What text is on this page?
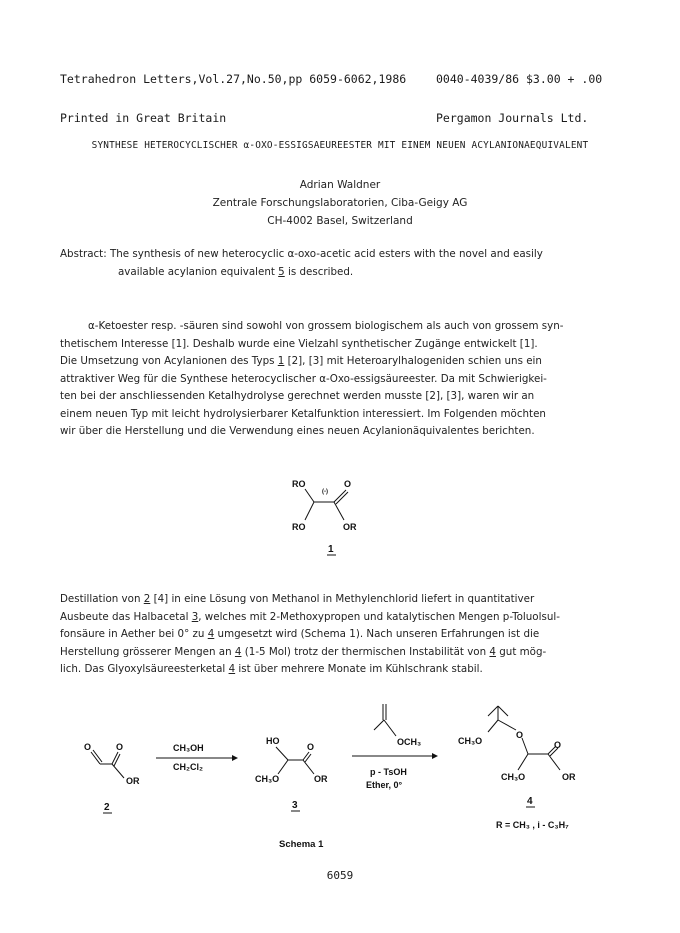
Tetrahedron Letters,Vol.27,No.50,pp 6059-6062,1986

Printed in Great Britain

0040-4039/86 $3.00 + .00

Pergamon Journals Ltd.

SYNTHESE HETEROCYCLISCHER α-OXO-ESSIGSAEUREESTER MIT EINEM NEUEN ACYLANIONAEQUIVALENT
Adrian Waldner
Zentrale Forschungslaboratorien, Ciba-Geigy AG
CH-4002 Basel, Switzerland
Abstract: The synthesis of new heterocyclic α-oxo-acetic acid esters with the novel and easily
available acylanion equivalent 5 is described.
α-Ketoester resp. -säuren sind sowohl von grossem biologischem als auch von grossem syn-
thetischem Interesse [1]. Deshalb wurde eine Vielzahl synthetischer Zugänge entwickelt [1].
Die Umsetzung von Acylanionen des Typs 1 [2], [3] mit Heteroarylhalogeniden schien uns ein
attraktiver Weg für die Synthese heterocyclischer α-Oxo-essigsäureester. Da mit Schwierigkei-
ten bei der anschliessenden Ketalhydrolyse gerechnet werden musste [2], [3], waren wir an
einem neuen Typ mit leicht hydrolysierbarer Ketalfunktion interessiert. Im Folgenden möchten
wir über die Herstellung und die Verwendung eines neuen Acylanionäquivalentes berichten.
RO
(-)
O
RO	OR
1
Destillation von 2 [4] in eine Lösung von Methanol in Methylenchlorid liefert in quantitativer
Ausbeute das Halbacetal 3, welches mit 2-Methoxypropen und katalytischen Mengen p-Toluolsul-
fonsäure in Aether bei 0° zu 4 umgesetzt wird (Schema 1). Nach unseren Erfahrungen ist die
Herstellung grösserer Mengen an 4 (1-5 Mol) trotz der thermischen Instabilität von 4 gut mög-
lich. Das Glyoxylsäureesterketal 4 ist über mehrere Monate im Kühlschrank stabil.
O	O
OR
2
CH₃OH
CH₂Cl₂
HO
O
CH₃O	OR
3
OCH₃
p - TsOH
Ether, 0°
CH₃O
O
O
CH₃O	OR
4
R = CH₃ , i - C₃H₇
Schema 1
6059
